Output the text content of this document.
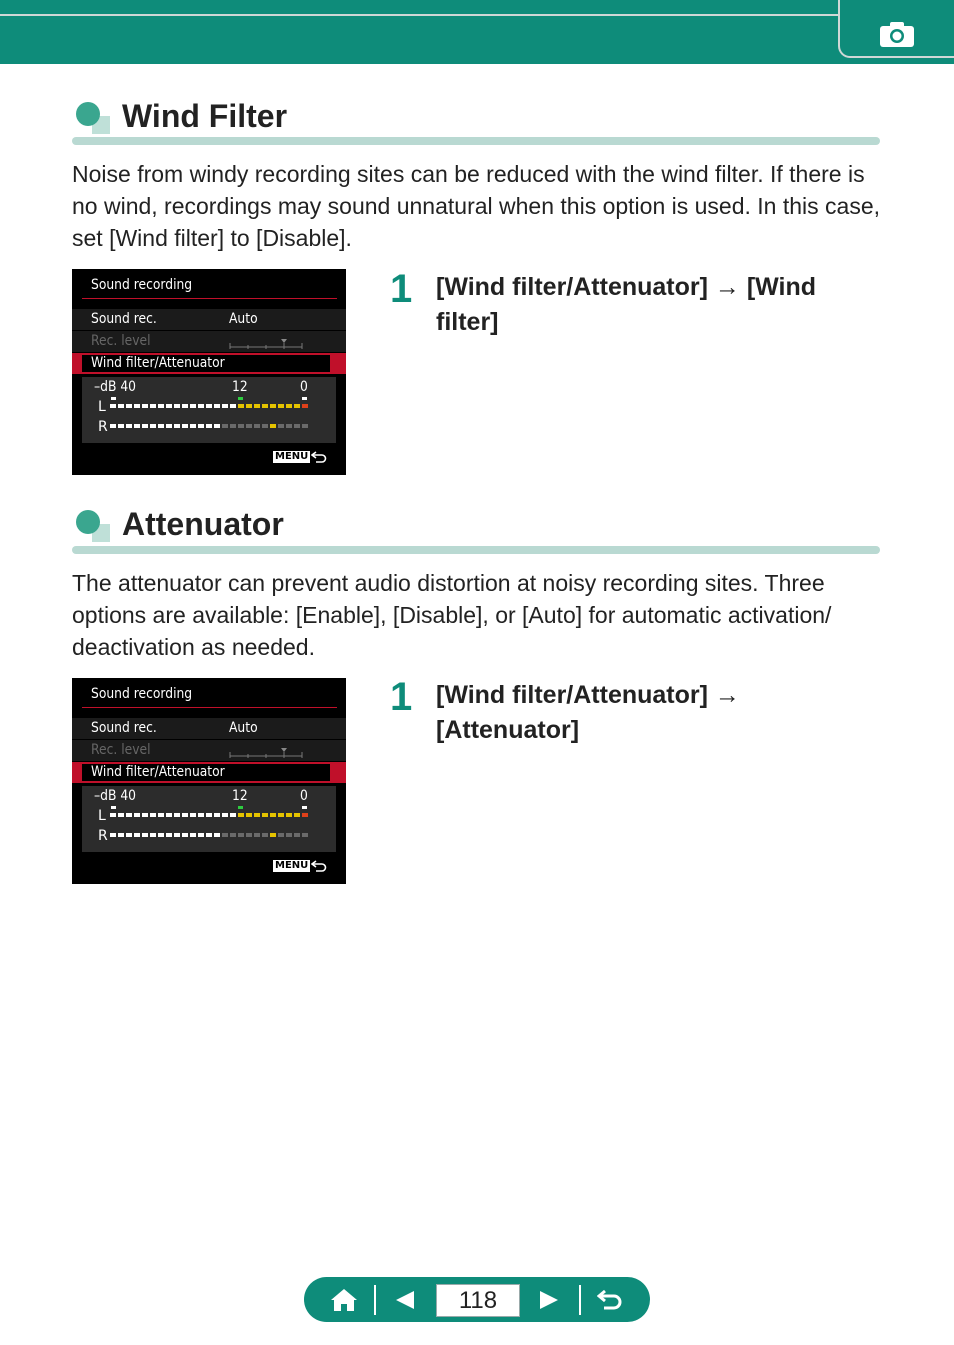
Wind Filter
Noise from windy recording sites can be reduced with the wind filter. If there is no wind, recordings may sound unnatural when this option is used. In this case, set [Wind filter] to [Disable].
Sound recording
Sound rec.	Auto
Rec. level
Wind filter/Attenuator
–dB 40	12	0
L
R
MENU
1 [Wind filter/Attenuator] → [Wind filter]
Attenuator
The attenuator can prevent audio distortion at noisy recording sites. Three options are available: [Enable], [Disable], or [Auto] for automatic activation/ deactivation as needed.
Sound recording
Sound rec.	Auto
Rec. level
Wind filter/Attenuator
–dB 40	12	0
L
R
MENU
1 [Wind filter/Attenuator] → [Attenuator]
118
